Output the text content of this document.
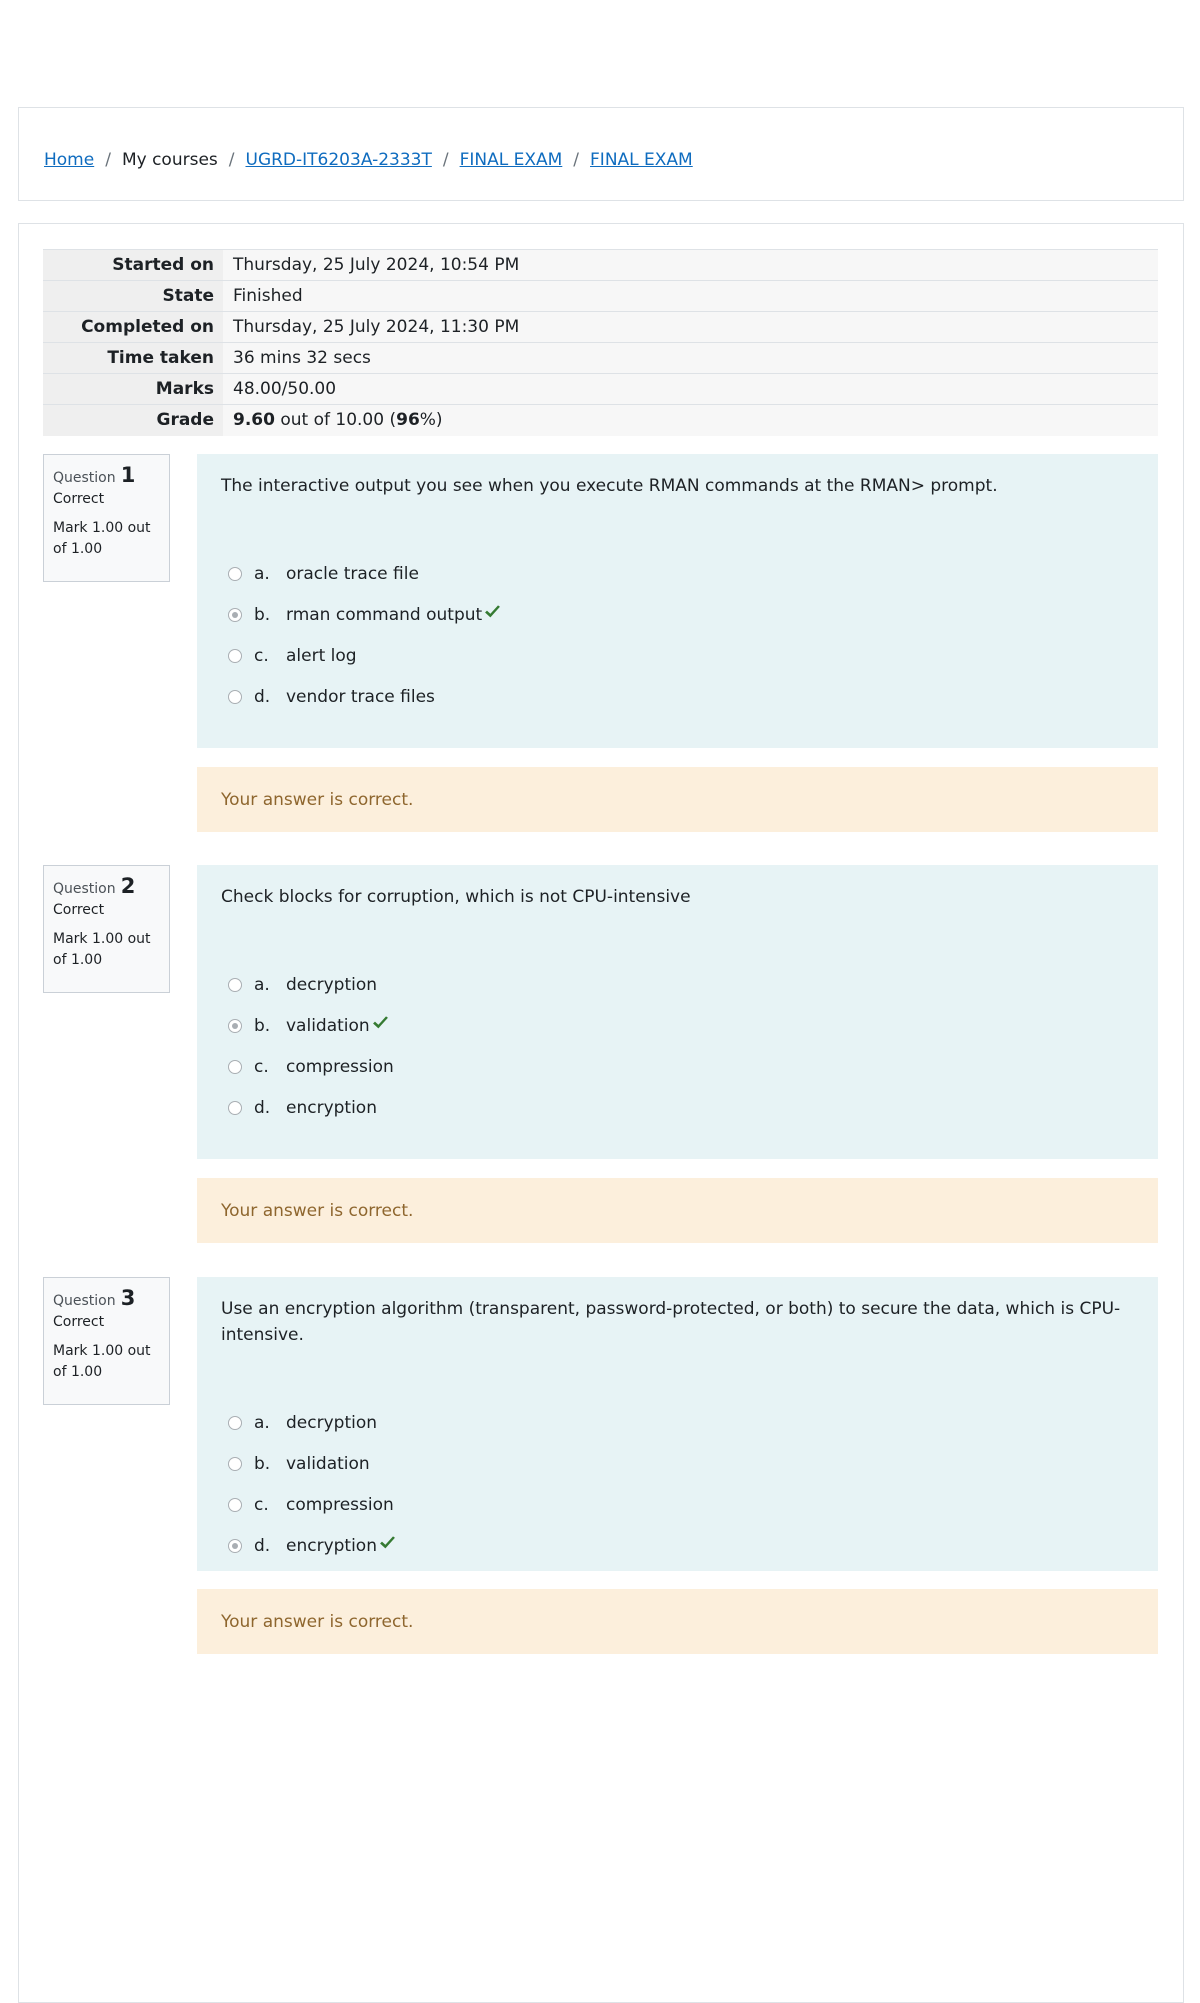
Home / My courses / UGRD-IT6203A-2333T / FINAL EXAM / FINAL EXAM
Started on	Thursday, 25 July 2024, 10:54 PM
State	Finished
Completed on	Thursday, 25 July 2024, 11:30 PM
Time taken	36 mins 32 secs
Marks	48.00/50.00
Grade	9.60 out of 10.00 (96%)
Question 1
Correct
Mark 1.00 out of 1.00
The interactive output you see when you execute RMAN commands at the RMAN> prompt.
a. oracle trace file
b. rman command output
c.	alert log
d. vendor trace files
Your answer is correct.
Question 2
Correct
Mark 1.00 out of 1.00
Check blocks for corruption, which is not CPU-intensive
a. decryption
b. validation
c.	compression
d. encryption
Your answer is correct.
Question 3
Correct
Mark 1.00 out of 1.00
Use an encryption algorithm (transparent, password-protected, or both) to secure the data, which is CPU-intensive.
a. decryption
b. validation
c.	compression
d. encryption
Your answer is correct.
